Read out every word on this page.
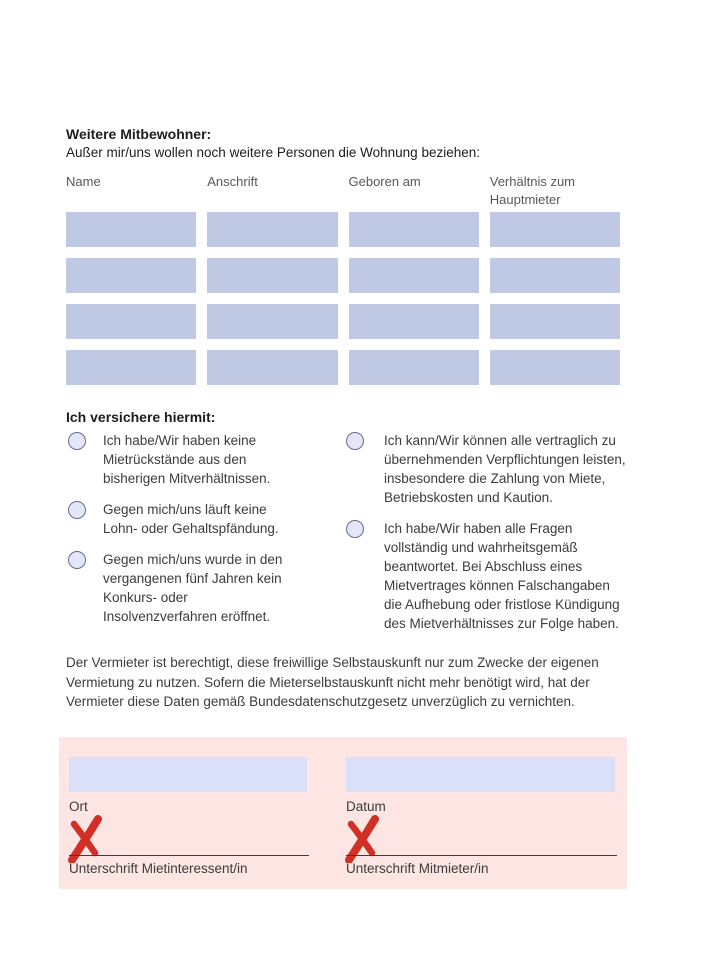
Weitere Mitbewohner:

Außer mir/uns wollen noch weitere Personen die Wohnung beziehen:

Name	Anschrift	Geboren am	Verhältnis zum Hauptmieter
Ich versichere hiermit:
Ich habe/Wir haben keine Mietrückstände aus den bisherigen Mitverhältnissen.
Gegen mich/uns läuft keine Lohn- oder Gehaltspfändung.
Gegen mich/uns wurde in den vergangenen fünf Jahren kein Konkurs- oder Insolvenzverfahren eröffnet.
Ich kann/Wir können alle vertraglich zu übernehmenden Verpflichtungen leisten, insbesondere die Zahlung von Miete, Betriebskosten und Kaution.
Ich habe/Wir haben alle Fragen vollständig und wahrheitsgemäß beantwortet. Bei Abschluss eines Mietvertrages können Falschangaben die Aufhebung oder fristlose Kündigung des Mietverhältnisses zur Folge haben.

Der Vermieter ist berechtigt, diese freiwillige Selbstauskunft nur zum Zwecke der eigenen Vermietung zu nutzen. Sofern die Mieterselbstauskunft nicht mehr benötigt wird, hat der Vermieter diese Daten gemäß Bundesdatenschutzgesetz unverzüglich zu vernichten.

Ort
Unterschrift Mietinteressent/in
Datum
Unterschrift Mitmieter/in
